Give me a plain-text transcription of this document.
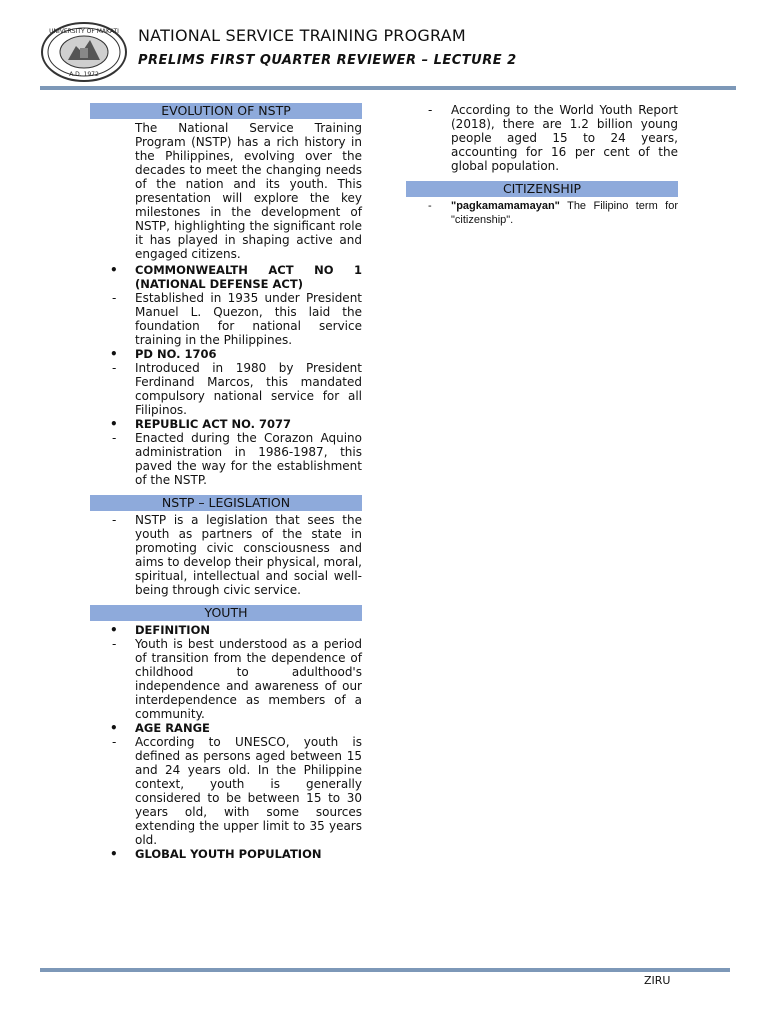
UNIVERSITY OF MAKATI
A.D. 1972
NATIONAL SERVICE TRAINING PROGRAM
PRELIMS FIRST QUARTER REVIEWER – LECTURE 2
EVOLUTION OF NSTP
The National Service Training Program (NSTP) has a rich history in the Philippines, evolving over the decades to meet the changing needs of the nation and its youth. This presentation will explore the key milestones in the development of NSTP, highlighting the significant role it has played in shaping active and engaged citizens.
• COMMONWEALTH ACT NO 1 (NATIONAL DEFENSE ACT)
- Established in 1935 under President Manuel L. Quezon, this laid the foundation for national service training in the Philippines.
• PD NO. 1706
- Introduced in 1980 by President Ferdinand Marcos, this mandated compulsory national service for all Filipinos.
• REPUBLIC ACT NO. 7077
- Enacted during the Corazon Aquino administration in 1986-1987, this paved the way for the establishment of the NSTP.
NSTP – LEGISLATION
- NSTP is a legislation that sees the youth as partners of the state in promoting civic consciousness and aims to develop their physical, moral, spiritual, intellectual and social well-being through civic service.
YOUTH
• DEFINITION
- Youth is best understood as a period of transition from the dependence of childhood to adulthood's independence and awareness of our interdependence as members of a community.
• AGE RANGE
- According to UNESCO, youth is defined as persons aged between 15 and 24 years old. In the Philippine context, youth is generally considered to be between 15 to 30 years old, with some sources extending the upper limit to 35 years old.
• GLOBAL YOUTH POPULATION
- According to the World Youth Report (2018), there are 1.2 billion young people aged 15 to 24 years, accounting for 16 per cent of the global population.
CITIZENSHIP
- "pagkamamamayan" The Filipino term for "citizenship".
ZIRU
